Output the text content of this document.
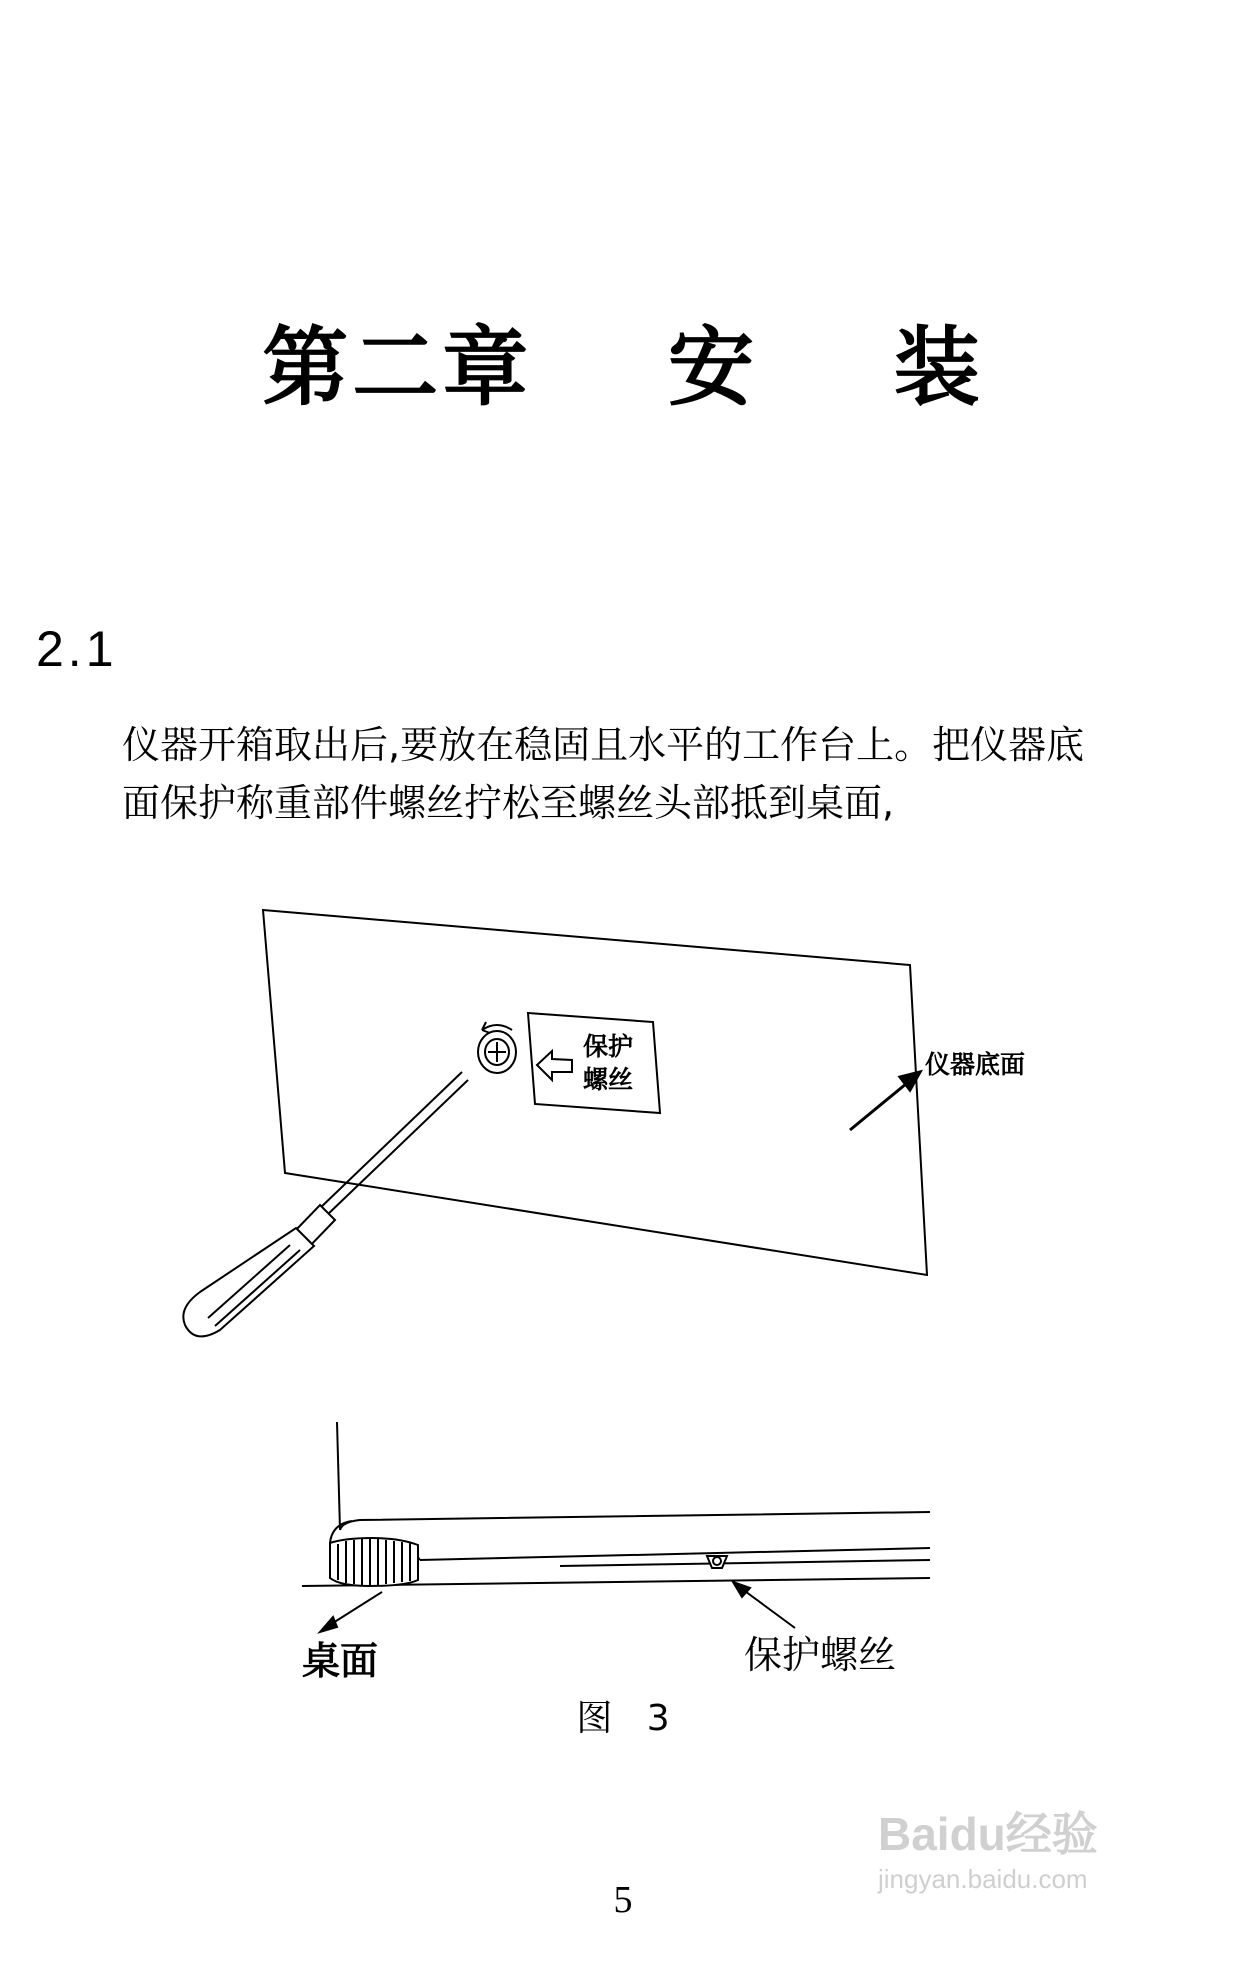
第二章    安    装
2.1
仪器开箱取出后,要放在稳固且水平的工作台上。把仪器底
面保护称重部件螺丝拧松至螺丝头部抵到桌面,
保护
螺丝
仪器底面
桌面	保护螺丝
图   3
5
Baidu经验
jingyan.baidu.com
